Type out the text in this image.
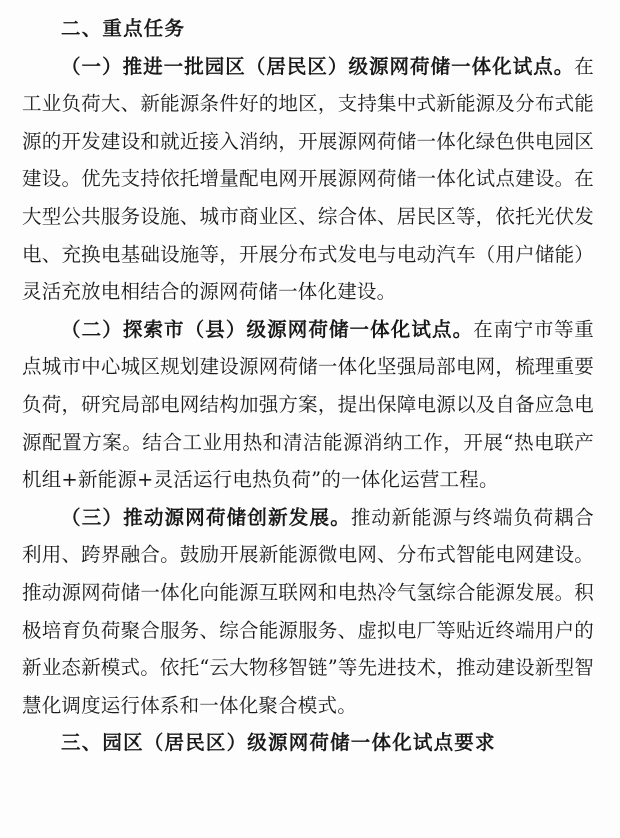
二、重点任务

（一）推进一批园区（居民区）级源网荷储一体化试点。在工业负荷大、新能源条件好的地区，支持集中式新能源及分布式能源的开发建设和就近接入消纳，开展源网荷储一体化绿色供电园区建设。优先支持依托增量配电网开展源网荷储一体化试点建设。在大型公共服务设施、城市商业区、综合体、居民区等，依托光伏发电、充换电基础设施等，开展分布式发电与电动汽车（用户储能）灵活充放电相结合的源网荷储一体化建设。

（二）探索市（县）级源网荷储一体化试点。在南宁市等重点城市中心城区规划建设源网荷储一体化坚强局部电网，梳理重要负荷，研究局部电网结构加强方案，提出保障电源以及自备应急电源配置方案。结合工业用热和清洁能源消纳工作，开展“热电联产机组+新能源+灵活运行电热负荷”的一体化运营工程。

（三）推动源网荷储创新发展。推动新能源与终端负荷耦合利用、跨界融合。鼓励开展新能源微电网、分布式智能电网建设。推动源网荷储一体化向能源互联网和电热冷气氢综合能源发展。积极培育负荷聚合服务、综合能源服务、虚拟电厂等贴近终端用户的新业态新模式。依托“云大物移智链”等先进技术，推动建设新型智慧化调度运行体系和一体化聚合模式。

三、园区（居民区）级源网荷储一体化试点要求
